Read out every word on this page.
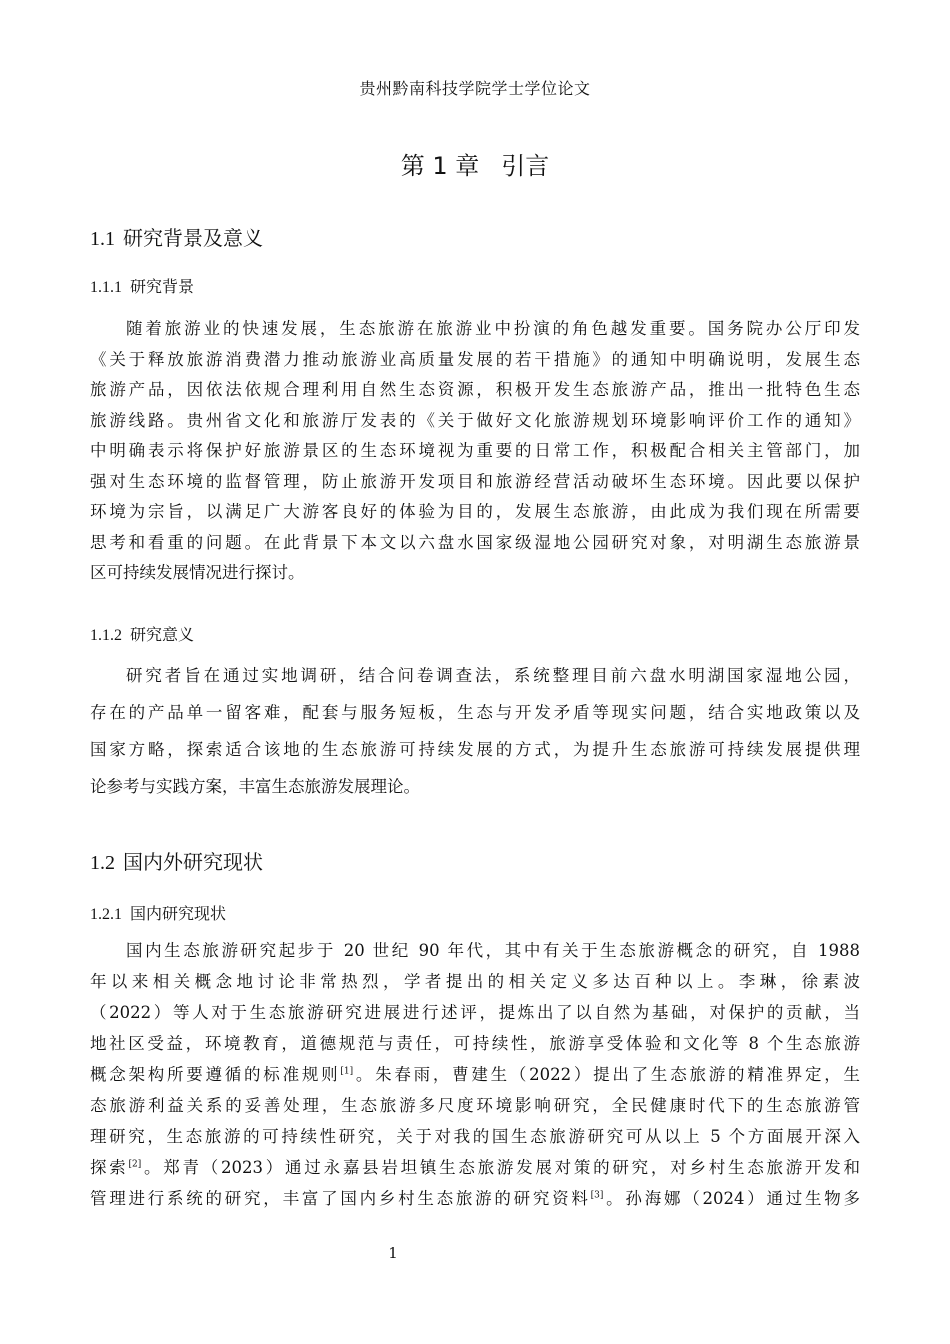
贵州黔南科技学院学士学位论文
第 1 章 引言
1.1 研究背景及意义
1.1.1 研究背景
随着旅游业的快速发展，生态旅游在旅游业中扮演的角色越发重要。国务院办公厅印发
《关于释放旅游消费潜力推动旅游业高质量发展的若干措施》的通知中明确说明，发展生态
旅游产品，因依法依规合理利用自然生态资源，积极开发生态旅游产品，推出一批特色生态
旅游线路。贵州省文化和旅游厅发表的《关于做好文化旅游规划环境影响评价工作的通知》
中明确表示将保护好旅游景区的生态环境视为重要的日常工作，积极配合相关主管部门，加
强对生态环境的监督管理，防止旅游开发项目和旅游经营活动破坏生态环境。因此要以保护
环境为宗旨，以满足广大游客良好的体验为目的，发展生态旅游，由此成为我们现在所需要
思考和看重的问题。在此背景下本文以六盘水国家级湿地公园研究对象，对明湖生态旅游景
区可持续发展情况进行探讨。
1.1.2 研究意义
研究者旨在通过实地调研，结合问卷调查法，系统整理目前六盘水明湖国家湿地公园，
存在的产品单一留客难，配套与服务短板，生态与开发矛盾等现实问题，结合实地政策以及
国家方略，探索适合该地的生态旅游可持续发展的方式，为提升生态旅游可持续发展提供理
论参考与实践方案，丰富生态旅游发展理论。
1.2 国内外研究现状
1.2.1 国内研究现状
国内生态旅游研究起步于 20 世纪 90 年代，其中有关于生态旅游概念的研究，自 1988
年以来相关概念地讨论非常热烈，学者提出的相关定义多达百种以上。李琳，徐素波
（2022）等人对于生态旅游研究进展进行述评，提炼出了以自然为基础，对保护的贡献，当
地社区受益，环境教育，道德规范与责任，可持续性，旅游享受体验和文化等 8 个生态旅游
概念架构所要遵循的标准规则[1]。朱春雨，曹建生（2022）提出了生态旅游的精准界定，生
态旅游利益关系的妥善处理，生态旅游多尺度环境影响研究，全民健康时代下的生态旅游管
理研究，生态旅游的可持续性研究，关于对我的国生态旅游研究可从以上 5 个方面展开深入
探索[2]。郑青（2023）通过永嘉县岩坦镇生态旅游发展对策的研究，对乡村生态旅游开发和
管理进行系统的研究，丰富了国内乡村生态旅游的研究资料[3]。孙海娜（2024）通过生物多
1
